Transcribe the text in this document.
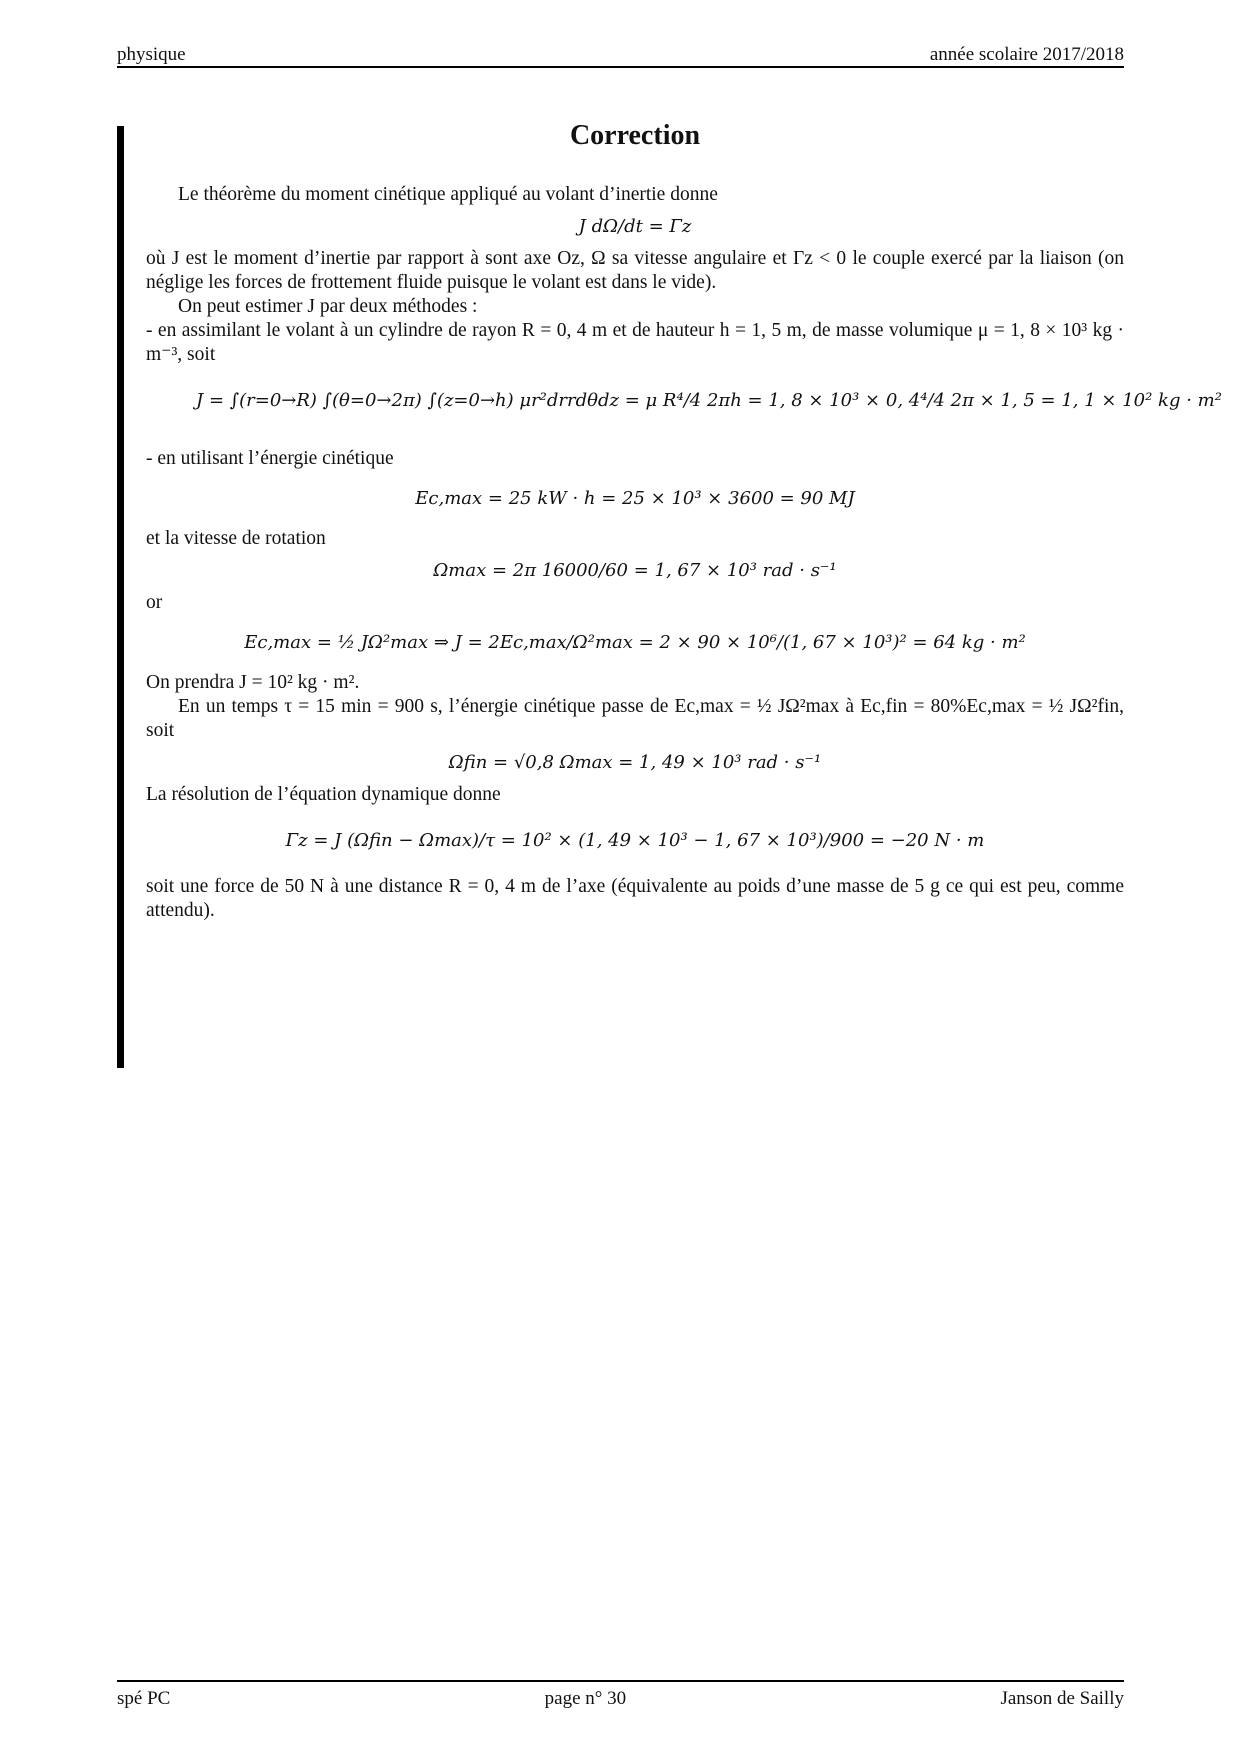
physique	année scolaire 2017/2018
Correction

Le théorème du moment cinétique appliqué au volant d’inertie donne

J dΩ/dt = Γz

où J est le moment d’inertie par rapport à sont axe Oz, Ω sa vitesse angulaire et Γz < 0 le couple exercé par la liaison (on néglige les forces de frottement fluide puisque le volant est dans le vide).

On peut estimer J par deux méthodes :

- en assimilant le volant à un cylindre de rayon R = 0, 4 m et de hauteur h = 1, 5 m, de masse volumique μ = 1, 8 × 10³ kg · m⁻³, soit

J = ∫(r=0→R) ∫(θ=0→2π) ∫(z=0→h) μr²drrdθdz = μ R⁴/4 2πh = 1, 8 × 10³ × 0, 4⁴/4 2π × 1, 5 = 1, 1 × 10² kg · m²

- en utilisant l’énergie cinétique

Ec,max = 25 kW · h = 25 × 10³ × 3600 = 90 MJ

et la vitesse de rotation

Ωmax = 2π 16000/60 = 1, 67 × 10³ rad · s⁻¹

or

Ec,max = ½ JΩ²max ⇒ J = 2Ec,max/Ω²max = 2 × 90 × 10⁶/(1, 67 × 10³)² = 64 kg · m²

On prendra J = 10² kg · m².

En un temps τ = 15 min = 900 s, l’énergie cinétique passe de Ec,max = ½ JΩ²max à Ec,fin = 80%Ec,max = ½ JΩ²fin, soit

Ωfin = √0,8 Ωmax = 1, 49 × 10³ rad · s⁻¹

La résolution de l’équation dynamique donne

Γz = J (Ωfin − Ωmax)/τ = 10² × (1, 49 × 10³ − 1, 67 × 10³)/900 = −20 N · m

soit une force de 50 N à une distance R = 0, 4 m de l’axe (équivalente au poids d’une masse de 5 g ce qui est peu, comme attendu).

spé PC	page n° 30	Janson de Sailly
